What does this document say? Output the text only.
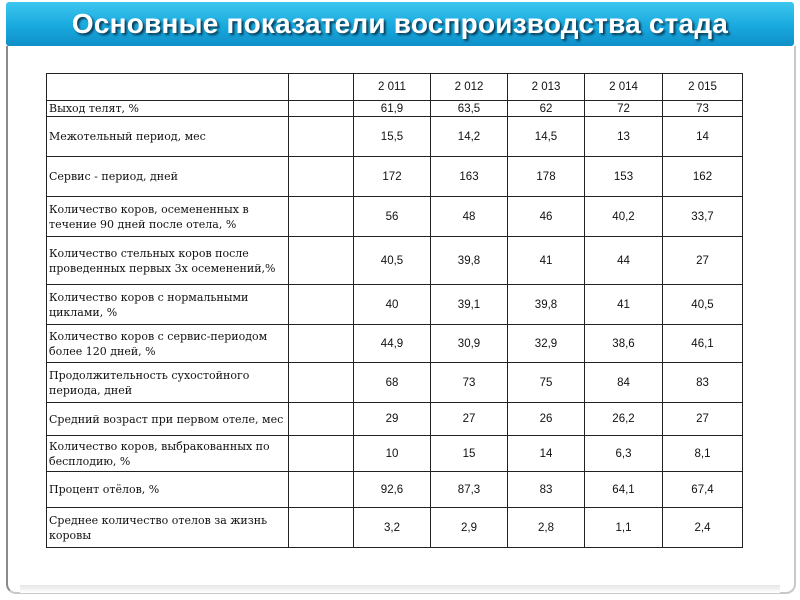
Основные показатели воспроизводства стада
		2 011	2 012	2 013	2 014	2 015
Выход телят, %		61,9	63,5	62	72	73
Межотельный период, мес		15,5	14,2	14,5	13	14
Сервис - период, дней		172	163	178	153	162
Количество коров, осемененных в течение 90 дней после отела, %		56	48	46	40,2	33,7
Количество стельных коров после проведенных первых 3х осеменений,%		40,5	39,8	41	44	27
Количество коров с нормальными циклами, %		40	39,1	39,8	41	40,5
Количество коров с сервис-периодом более 120 дней, %		44,9	30,9	32,9	38,6	46,1
Продолжительность сухостойного периода, дней		68	73	75	84	83
Средний возраст при первом отеле, мес		29	27	26	26,2	27
Количество коров, выбракованных по бесплодию, %		10	15	14	6,3	8,1
Процент отёлов, %		92,6	87,3	83	64,1	67,4
Среднее количество отелов за жизнь коровы		3,2	2,9	2,8	1,1	2,4
